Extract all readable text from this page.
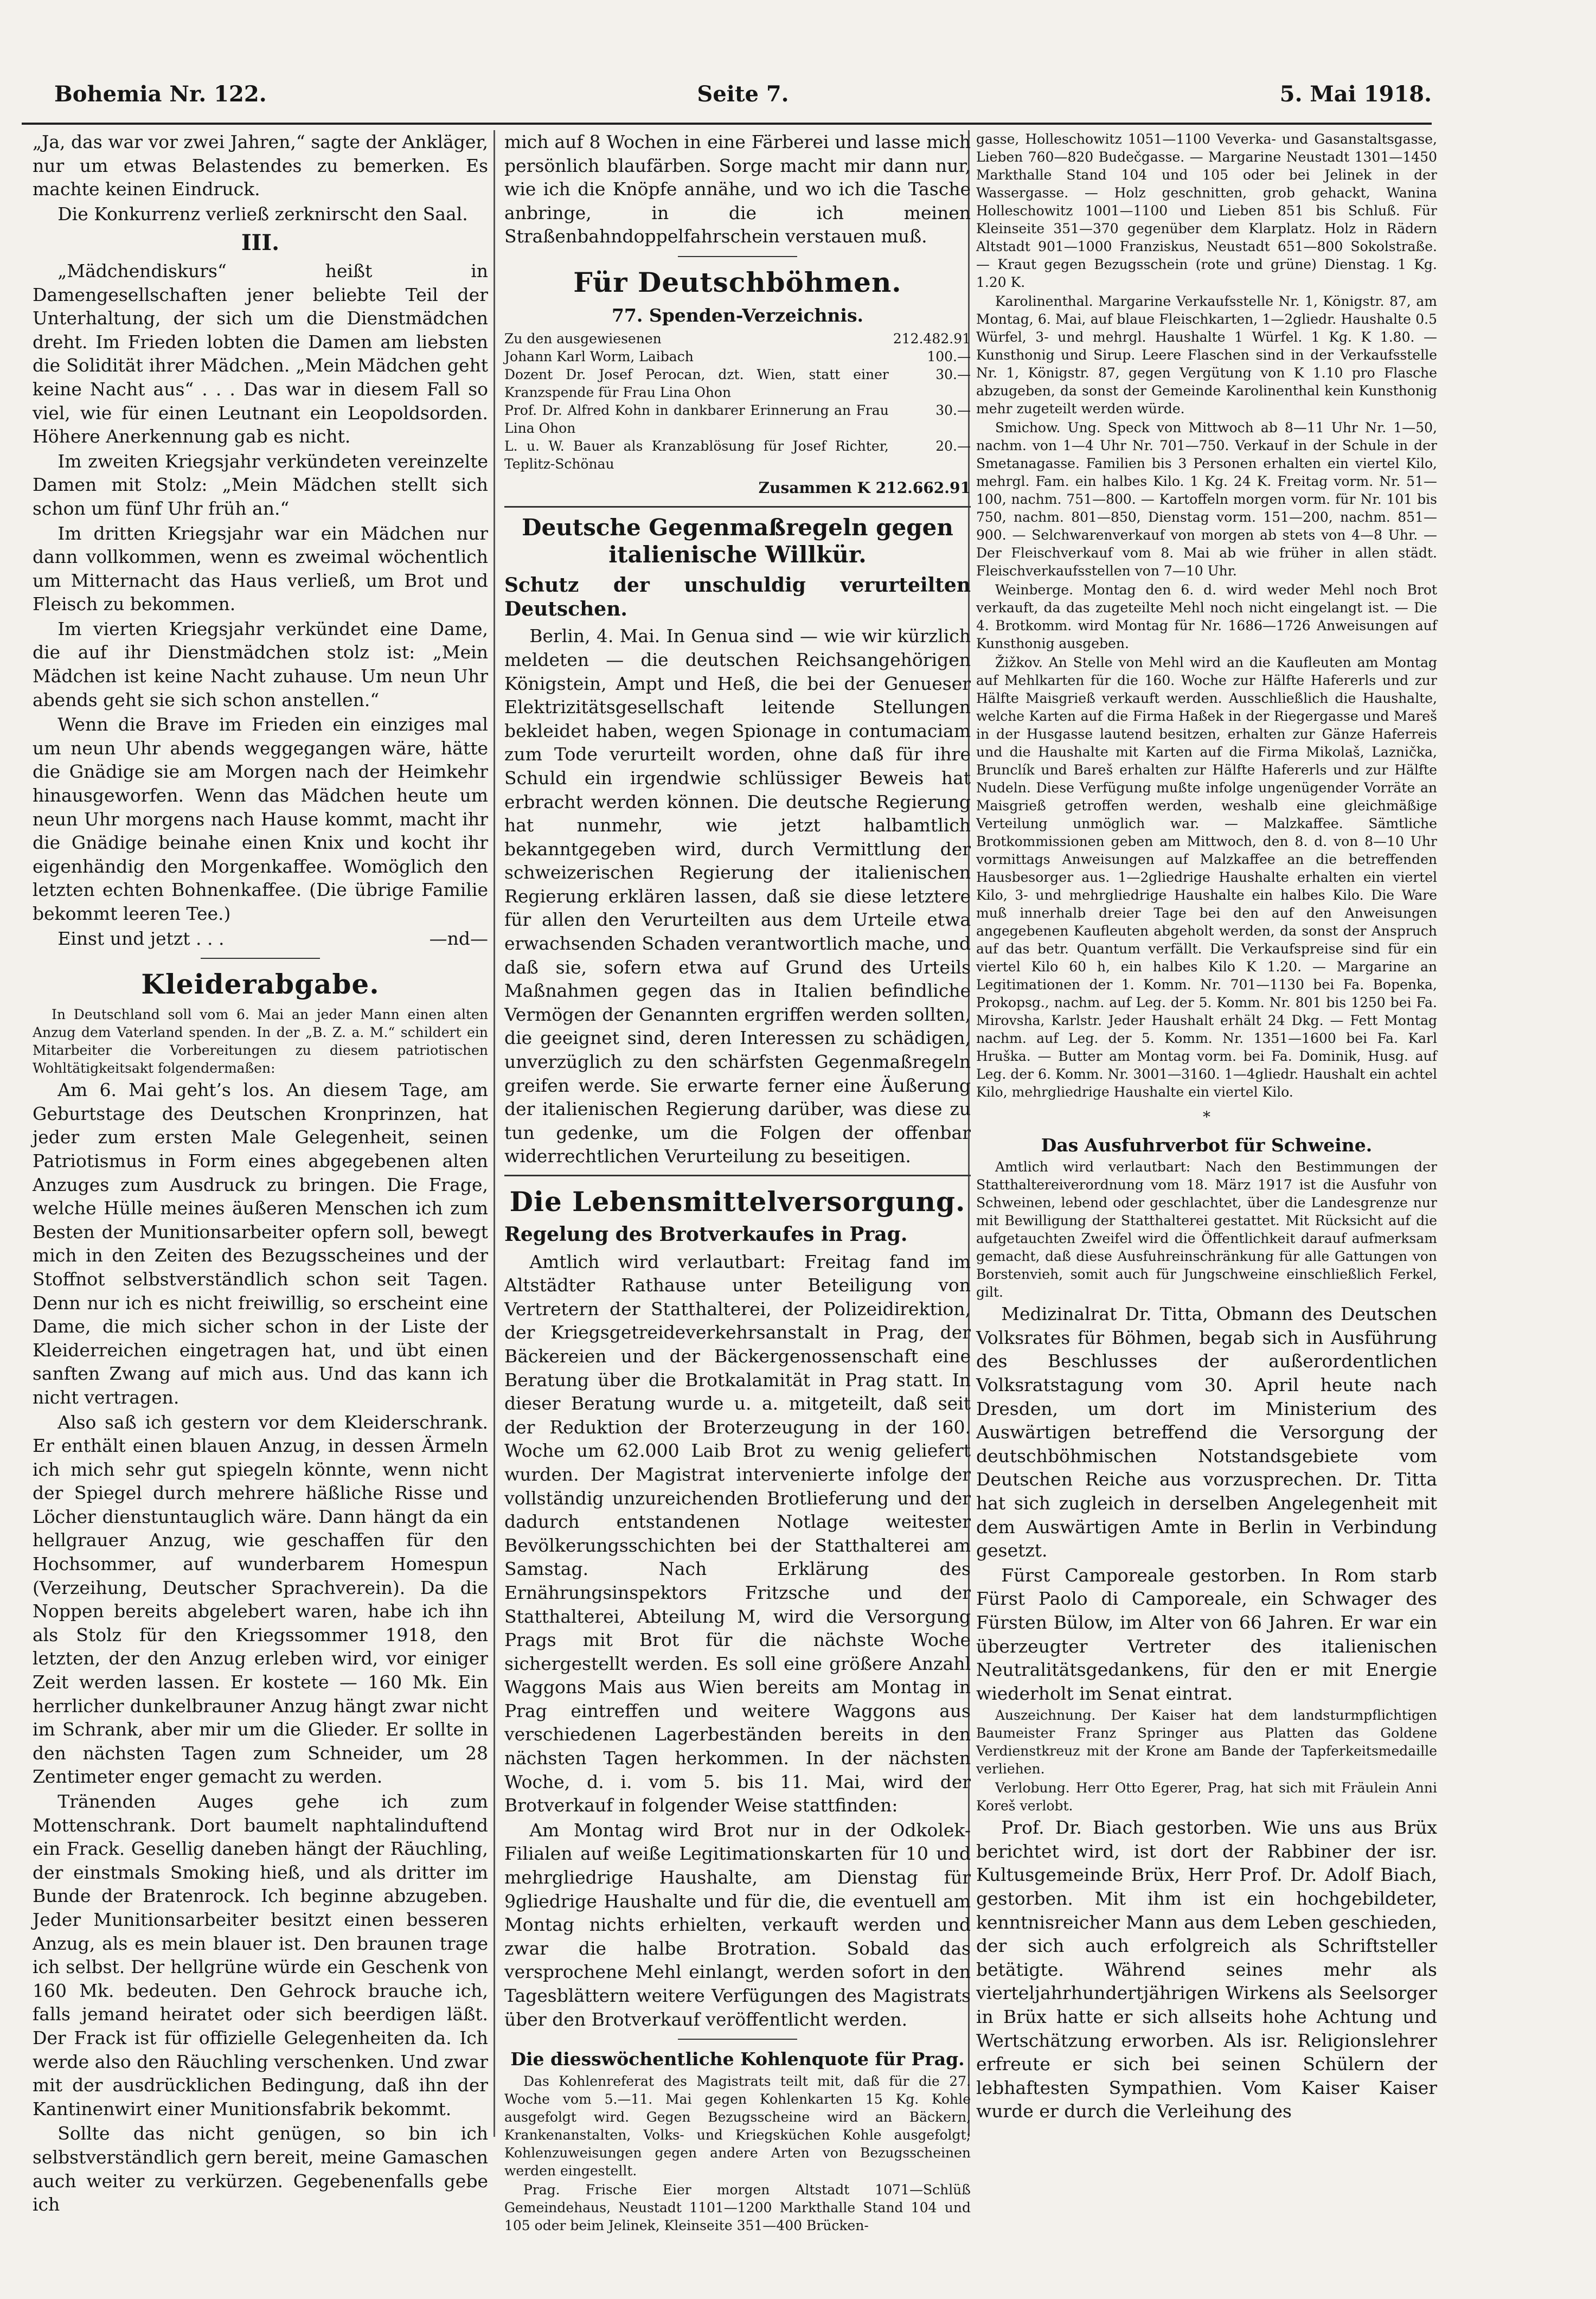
Bohemia Nr. 122.	Seite 7.	5. Mai 1918.

„Ja, das war vor zwei Jahren,“ sagte der Ankläger, nur um etwas Belastendes zu bemerken. Es machte keinen Eindruck.

Die Konkurrenz verließ zerknirscht den Saal.

III.

„Mädchendiskurs“ heißt in Damengesellschaften jener beliebte Teil der Unterhaltung, der sich um die Dienstmädchen dreht. Im Frieden lobten die Damen am liebsten die Solidität ihrer Mädchen. „Mein Mädchen geht keine Nacht aus“ . . . Das war in diesem Fall so viel, wie für einen Leutnant ein Leopoldsorden. Höhere Anerkennung gab es nicht.

Im zweiten Kriegsjahr verkündeten vereinzelte Damen mit Stolz: „Mein Mädchen stellt sich schon um fünf Uhr früh an.“

Im dritten Kriegsjahr war ein Mädchen nur dann vollkommen, wenn es zweimal wöchentlich um Mitternacht das Haus verließ, um Brot und Fleisch zu bekommen.

Im vierten Kriegsjahr verkündet eine Dame, die auf ihr Dienstmädchen stolz ist: „Mein Mädchen ist keine Nacht zuhause. Um neun Uhr abends geht sie sich schon anstellen.“

Wenn die Brave im Frieden ein einziges mal um neun Uhr abends weggegangen wäre, hätte die Gnädige sie am Morgen nach der Heimkehr hinausgeworfen. Wenn das Mädchen heute um neun Uhr morgens nach Hause kommt, macht ihr die Gnädige beinahe einen Knix und kocht ihr eigenhändig den Morgenkaffee. Womöglich den letzten echten Bohnenkaffee. (Die übrige Familie bekommt leeren Tee.)

Einst und jetzt . . .	—nd—

Kleiderabgabe.

In Deutschland soll vom 6. Mai an jeder Mann einen alten Anzug dem Vaterland spenden. In der „B. Z. a. M.“ schildert ein Mitarbeiter die Vorbereitungen zu diesem patriotischen Wohltätigkeitsakt folgendermaßen:

Am 6. Mai geht’s los. An diesem Tage, am Geburtstage des Deutschen Kronprinzen, hat jeder zum ersten Male Gelegenheit, seinen Patriotismus in Form eines abgegebenen alten Anzuges zum Ausdruck zu bringen. Die Frage, welche Hülle meines äußeren Menschen ich zum Besten der Munitionsarbeiter opfern soll, bewegt mich in den Zeiten des Bezugsscheines und der Stoffnot selbstverständlich schon seit Tagen. Denn nur ich es nicht freiwillig, so erscheint eine Dame, die mich sicher schon in der Liste der Kleiderreichen eingetragen hat, und übt einen sanften Zwang auf mich aus. Und das kann ich nicht vertragen.

Also saß ich gestern vor dem Kleiderschrank. Er enthält einen blauen Anzug, in dessen Ärmeln ich mich sehr gut spiegeln könnte, wenn nicht der Spiegel durch mehrere häßliche Risse und Löcher dienstuntauglich wäre. Dann hängt da ein hellgrauer Anzug, wie geschaffen für den Hochsommer, auf wunderbarem Homespun (Verzeihung, Deutscher Sprachverein). Da die Noppen bereits abgelebert waren, habe ich ihn als Stolz für den Kriegssommer 1918, den letzten, der den Anzug erleben wird, vor einiger Zeit werden lassen. Er kostete — 160 Mk. Ein herrlicher dunkelbrauner Anzug hängt zwar nicht im Schrank, aber mir um die Glieder. Er sollte in den nächsten Tagen zum Schneider, um 28 Zentimeter enger gemacht zu werden.

Tränenden Auges gehe ich zum Mottenschrank. Dort baumelt naphtalinduftend ein Frack. Gesellig daneben hängt der Räuchling, der einstmals Smoking hieß, und als dritter im Bunde der Bratenrock. Ich beginne abzugeben. Jeder Munitionsarbeiter besitzt einen besseren Anzug, als es mein blauer ist. Den braunen trage ich selbst. Der hellgrüne würde ein Geschenk von 160 Mk. bedeuten. Den Gehrock brauche ich, falls jemand heiratet oder sich beerdigen läßt. Der Frack ist für offizielle Gelegenheiten da. Ich werde also den Räuchling verschenken. Und zwar mit der ausdrücklichen Bedingung, daß ihn der Kantinenwirt einer Munitionsfabrik bekommt.

Sollte das nicht genügen, so bin ich selbstverständlich gern bereit, meine Gamaschen auch weiter zu verkürzen. Gegebenenfalls gebe ich

mich auf 8 Wochen in eine Färberei und lasse mich persönlich blaufärben. Sorge macht mir dann nur, wie ich die Knöpfe annähe, und wo ich die Tasche anbringe, in die ich meinen Straßenbahndoppelfahrschein verstauen muß.

Für Deutschböhmen.

77. Spenden-Verzeichnis.

Zu den ausgewiesenen	212.482.91
Johann Karl Worm, Laibach	100.—
Dozent Dr. Josef Perocan, dzt. Wien, statt einer Kranzspende für Frau Lina Ohon	30.—
Prof. Dr. Alfred Kohn in dankbarer Erinnerung an Frau Lina Ohon	30.—
L. u. W. Bauer als Kranzablösung für Josef Richter, Teplitz-Schönau	20.—

Zusammen K 212.662.91

Deutsche Gegenmaßregeln gegen italienische Willkür.

Schutz der unschuldig verurteilten Deutschen.

Berlin, 4. Mai. In Genua sind — wie wir kürzlich meldeten — die deutschen Reichsangehörigen Königstein, Ampt und Heß, die bei der Genueser Elektrizitätsgesellschaft leitende Stellungen bekleidet haben, wegen Spionage in contumaciam zum Tode verurteilt worden, ohne daß für ihre Schuld ein irgendwie schlüssiger Beweis hat erbracht werden können. Die deutsche Regierung hat nunmehr, wie jetzt halbamtlich bekanntgegeben wird, durch Vermittlung der schweizerischen Regierung der italienischen Regierung erklären lassen, daß sie diese letztere für allen den Verurteilten aus dem Urteile etwa erwachsenden Schaden verantwortlich mache, und daß sie, sofern etwa auf Grund des Urteils Maßnahmen gegen das in Italien befindliche Vermögen der Genannten ergriffen werden sollten, die geeignet sind, deren Interessen zu schädigen, unverzüglich zu den schärfsten Gegenmaßregeln greifen werde. Sie erwarte ferner eine Äußerung der italienischen Regierung darüber, was diese zu tun gedenke, um die Folgen der offenbar widerrechtlichen Verurteilung zu beseitigen.

Die Lebensmittelversorgung.

Regelung des Brotverkaufes in Prag.

Amtlich wird verlautbart: Freitag fand im Altstädter Rathause unter Beteiligung von Vertretern der Statthalterei, der Polizeidirektion, der Kriegsgetreideverkehrsanstalt in Prag, der Bäckereien und der Bäckergenossenschaft eine Beratung über die Brotkalamität in Prag statt. In dieser Beratung wurde u. a. mitgeteilt, daß seit der Reduktion der Broterzeugung in der 160. Woche um 62.000 Laib Brot zu wenig geliefert wurden. Der Magistrat intervenierte infolge der vollständig unzureichenden Brotlieferung und der dadurch entstandenen Notlage weitester Bevölkerungsschichten bei der Statthalterei am Samstag. Nach Erklärung des Ernährungsinspektors Fritzsche und der Statthalterei, Abteilung M, wird die Versorgung Prags mit Brot für die nächste Woche sichergestellt werden. Es soll eine größere Anzahl Waggons Mais aus Wien bereits am Montag in Prag eintreffen und weitere Waggons aus verschiedenen Lagerbeständen bereits in den nächsten Tagen herkommen. In der nächsten Woche, d. i. vom 5. bis 11. Mai, wird der Brotverkauf in folgender Weise stattfinden:

Am Montag wird Brot nur in der Odkolek-Filialen auf weiße Legitimationskarten für 10 und mehrgliedrige Haushalte, am Dienstag für 9gliedrige Haushalte und für die, die eventuell am Montag nichts erhielten, verkauft werden und zwar die halbe Brotration. Sobald das versprochene Mehl einlangt, werden sofort in den Tagesblättern weitere Verfügungen des Magistrats über den Brotverkauf veröffentlicht werden.

Die diesswöchentliche Kohlenquote für Prag.

Das Kohlenreferat des Magistrats teilt mit, daß für die 27. Woche vom 5.—11. Mai gegen Kohlenkarten 15 Kg. Kohle ausgefolgt wird. Gegen Bezugsscheine wird an Bäckern, Krankenanstalten, Volks- und Kriegsküchen Kohle ausgefolgt; Kohlenzuweisungen gegen andere Arten von Bezugsscheinen werden eingestellt.

Prag. Frische Eier morgen Altstadt 1071—Schlüß Gemeindehaus, Neustadt 1101—1200 Markthalle Stand 104 und 105 oder beim Jelinek, Kleinseite 351—400 Brücken-

gasse, Holleschowitz 1051—1100 Veverka- und Gasanstaltsgasse, Lieben 760—820 Budečgasse. — Margarine Neustadt 1301—1450 Markthalle Stand 104 und 105 oder bei Jelinek in der Wassergasse. — Holz geschnitten, grob gehackt, Wanina Holleschowitz 1001—1100 und Lieben 851 bis Schluß. Für Kleinseite 351—370 gegenüber dem Klarplatz. Holz in Rädern Altstadt 901—1000 Franziskus, Neustadt 651—800 Sokolstraße. — Kraut gegen Bezugsschein (rote und grüne) Dienstag. 1 Kg. 1.20 K.

Karolinenthal. Margarine Verkaufsstelle Nr. 1, Königstr. 87, am Montag, 6. Mai, auf blaue Fleischkarten, 1—2gliedr. Haushalte 0.5 Würfel, 3- und mehrgl. Haushalte 1 Würfel. 1 Kg. K 1.80. — Kunsthonig und Sirup. Leere Flaschen sind in der Verkaufsstelle Nr. 1, Königstr. 87, gegen Vergütung von K 1.10 pro Flasche abzugeben, da sonst der Gemeinde Karolinenthal kein Kunsthonig mehr zugeteilt werden würde.

Smichow. Ung. Speck von Mittwoch ab 8—11 Uhr Nr. 1—50, nachm. von 1—4 Uhr Nr. 701—750. Verkauf in der Schule in der Smetanagasse. Familien bis 3 Personen erhalten ein viertel Kilo, mehrgl. Fam. ein halbes Kilo. 1 Kg. 24 K. Freitag vorm. Nr. 51—100, nachm. 751—800. — Kartoffeln morgen vorm. für Nr. 101 bis 750, nachm. 801—850, Dienstag vorm. 151—200, nachm. 851—900. — Selchwarenverkauf von morgen ab stets von 4—8 Uhr. — Der Fleischverkauf vom 8. Mai ab wie früher in allen städt. Fleischverkaufsstellen von 7—10 Uhr.

Weinberge. Montag den 6. d. wird weder Mehl noch Brot verkauft, da das zugeteilte Mehl noch nicht eingelangt ist. — Die 4. Brotkomm. wird Montag für Nr. 1686—1726 Anweisungen auf Kunsthonig ausgeben.

Žižkov. An Stelle von Mehl wird an die Kaufleuten am Montag auf Mehlkarten für die 160. Woche zur Hälfte Hafererls und zur Hälfte Maisgrieß verkauft werden. Ausschließlich die Haushalte, welche Karten auf die Firma Haßek in der Riegergasse und Mareš in der Husgasse lautend besitzen, erhalten zur Gänze Haferreis und die Haushalte mit Karten auf die Firma Mikolaš, Laznička, Brunclík und Bareš erhalten zur Hälfte Hafererls und zur Hälfte Nudeln. Diese Verfügung mußte infolge ungenügender Vorräte an Maisgrieß getroffen werden, weshalb eine gleichmäßige Verteilung unmöglich war. — Malzkaffee. Sämtliche Brotkommissionen geben am Mittwoch, den 8. d. von 8—10 Uhr vormittags Anweisungen auf Malzkaffee an die betreffenden Hausbesorger aus. 1—2gliedrige Haushalte erhalten ein viertel Kilo, 3- und mehrgliedrige Haushalte ein halbes Kilo. Die Ware muß innerhalb dreier Tage bei den auf den Anweisungen angegebenen Kaufleuten abgeholt werden, da sonst der Anspruch auf das betr. Quantum verfällt. Die Verkaufspreise sind für ein viertel Kilo 60 h, ein halbes Kilo K 1.20. — Margarine an Legitimationen der 1. Komm. Nr. 701—1130 bei Fa. Bopenka, Prokopsg., nachm. auf Leg. der 5. Komm. Nr. 801 bis 1250 bei Fa. Mirovsha, Karlstr. Jeder Haushalt erhält 24 Dkg. — Fett Montag nachm. auf Leg. der 5. Komm. Nr. 1351—1600 bei Fa. Karl Hruška. — Butter am Montag vorm. bei Fa. Dominik, Husg. auf Leg. der 6. Komm. Nr. 3001—3160. 1—4gliedr. Haushalt ein achtel Kilo, mehrgliedrige Haushalte ein viertel Kilo.

*

Das Ausfuhrverbot für Schweine.

Amtlich wird verlautbart: Nach den Bestimmungen der Statthaltereiverordnung vom 18. März 1917 ist die Ausfuhr von Schweinen, lebend oder geschlachtet, über die Landesgrenze nur mit Bewilligung der Statthalterei gestattet. Mit Rücksicht auf die aufgetauchten Zweifel wird die Öffentlichkeit darauf aufmerksam gemacht, daß diese Ausfuhreinschränkung für alle Gattungen von Borstenvieh, somit auch für Jungschweine einschließlich Ferkel, gilt.

Medizinalrat Dr. Titta, Obmann des Deutschen Volksrates für Böhmen, begab sich in Ausführung des Beschlusses der außerordentlichen Volksratstagung vom 30. April heute nach Dresden, um dort im Ministerium des Auswärtigen betreffend die Versorgung der deutschböhmischen Notstandsgebiete vom Deutschen Reiche aus vorzusprechen. Dr. Titta hat sich zugleich in derselben Angelegenheit mit dem Auswärtigen Amte in Berlin in Verbindung gesetzt.

Fürst Camporeale gestorben. In Rom starb Fürst Paolo di Camporeale, ein Schwager des Fürsten Bülow, im Alter von 66 Jahren. Er war ein überzeugter Vertreter des italienischen Neutralitätsgedankens, für den er mit Energie wiederholt im Senat eintrat.

Auszeichnung. Der Kaiser hat dem landsturmpflichtigen Baumeister Franz Springer aus Platten das Goldene Verdienstkreuz mit der Krone am Bande der Tapferkeitsmedaille verliehen.

Verlobung. Herr Otto Egerer, Prag, hat sich mit Fräulein Anni Koreš verlobt.

Prof. Dr. Biach gestorben. Wie uns aus Brüx berichtet wird, ist dort der Rabbiner der isr. Kultusgemeinde Brüx, Herr Prof. Dr. Adolf Biach, gestorben. Mit ihm ist ein hochgebildeter, kenntnisreicher Mann aus dem Leben geschieden, der sich auch erfolgreich als Schriftsteller betätigte. Während seines mehr als vierteljahrhundertjährigen Wirkens als Seelsorger in Brüx hatte er sich allseits hohe Achtung und Wertschätzung erworben. Als isr. Religionslehrer erfreute er sich bei seinen Schülern der lebhaftesten Sympathien. Vom Kaiser Kaiser wurde er durch die Verleihung des
